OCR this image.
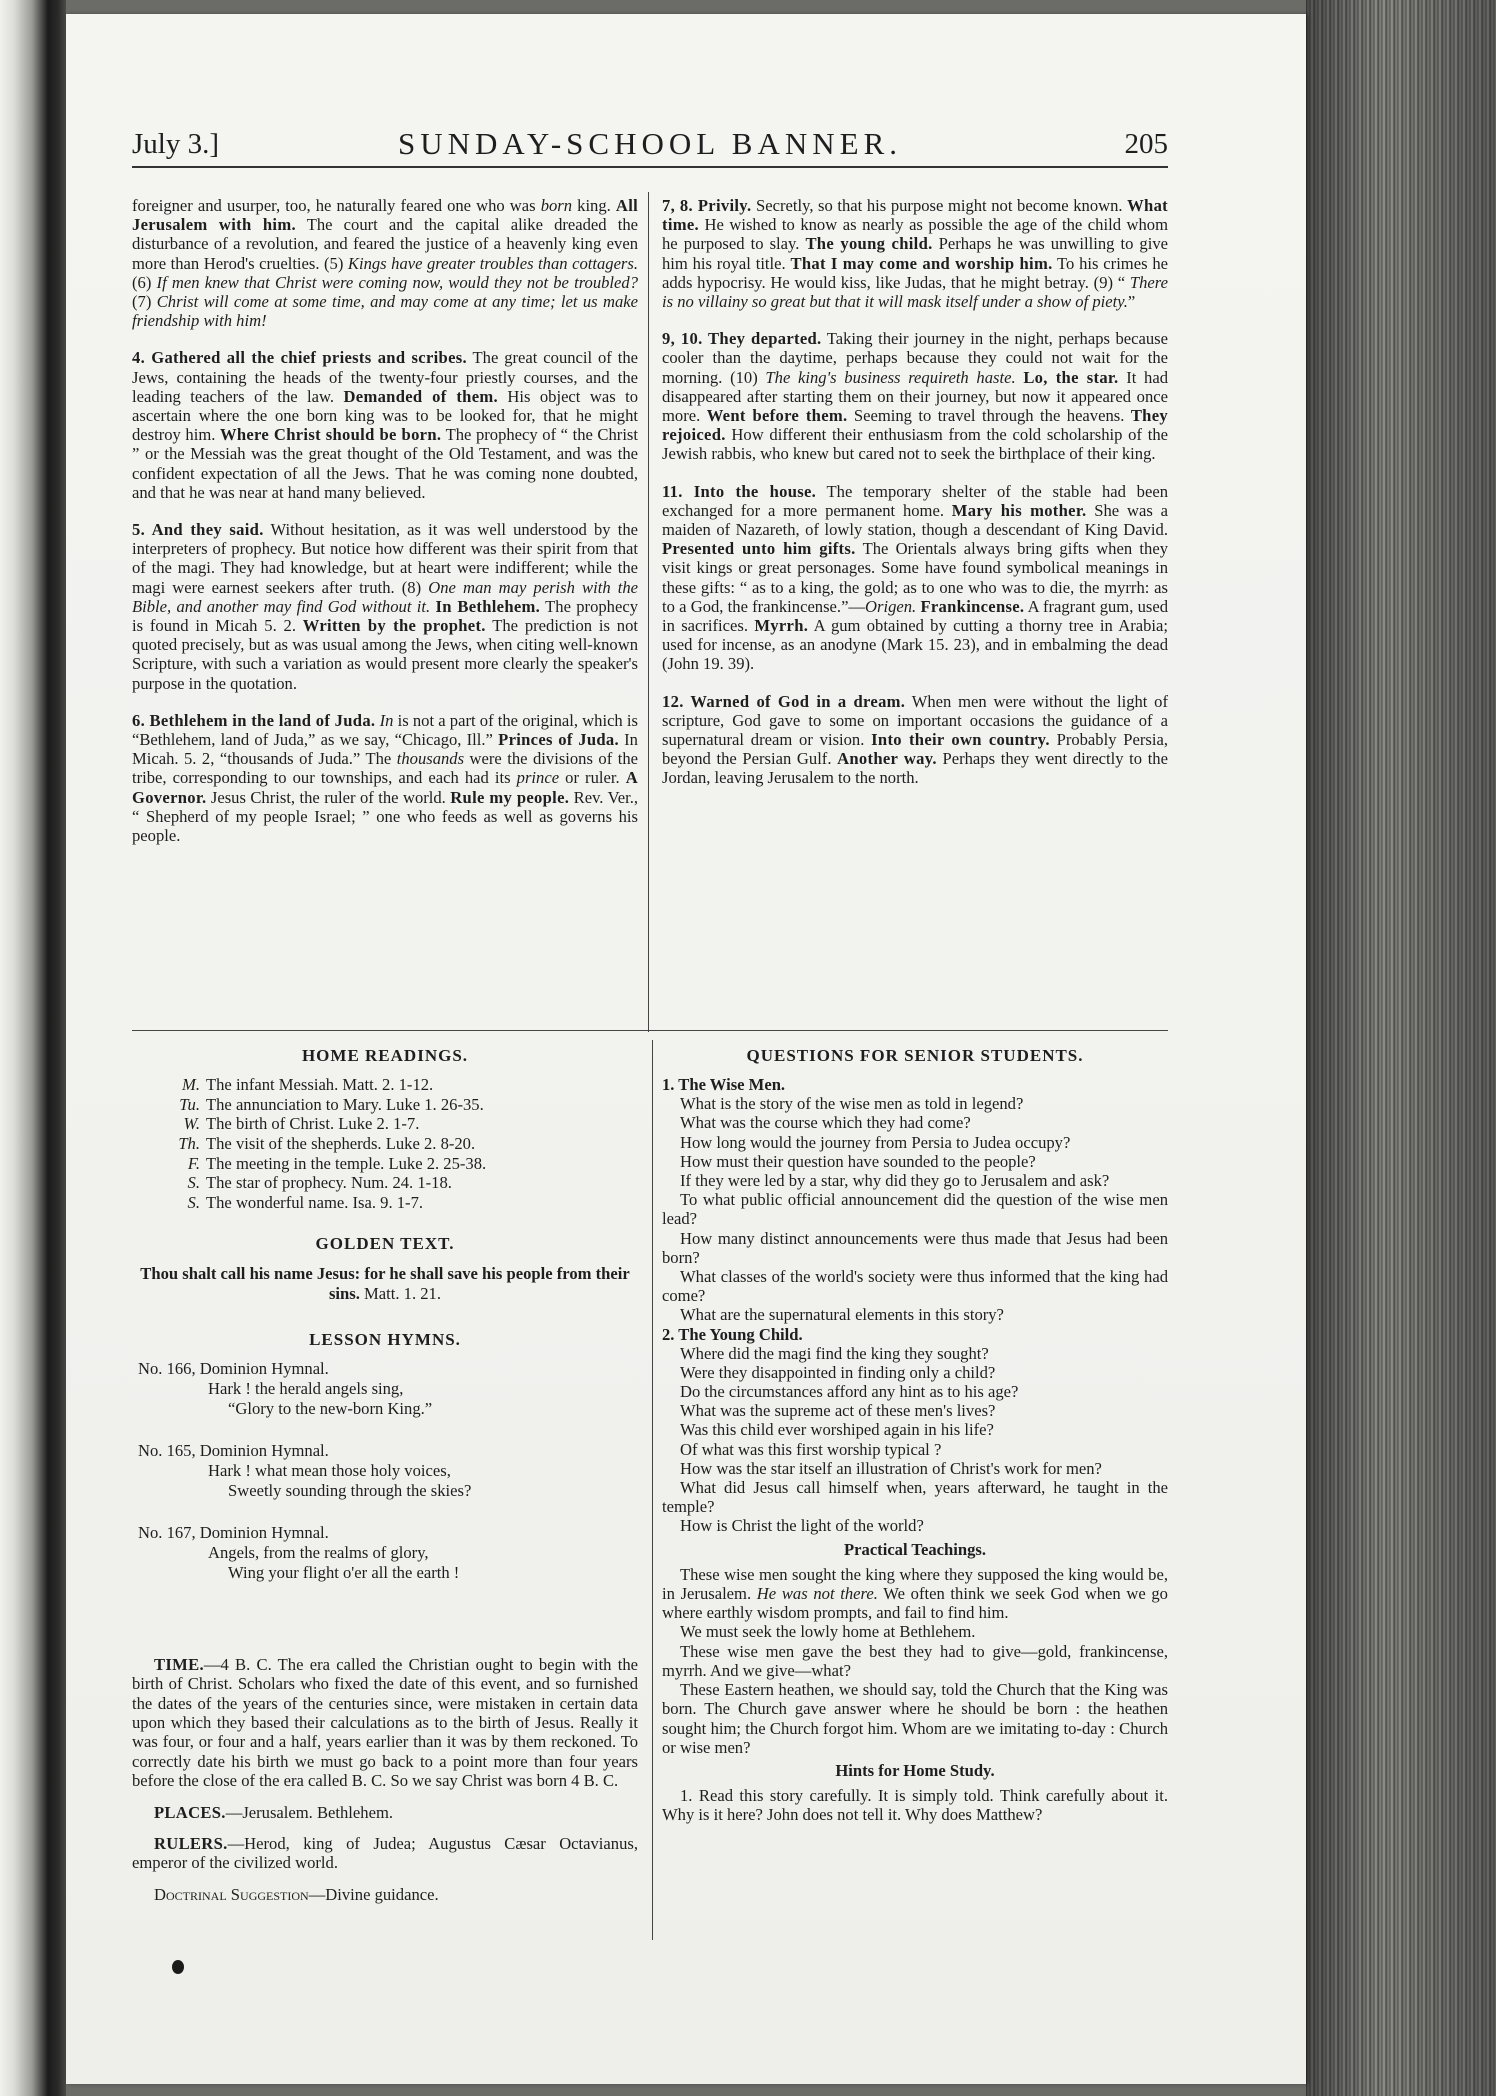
July 3.]	SUNDAY-SCHOOL BANNER.	205

foreigner and usurper, too, he naturally feared one who was born king. All Jerusalem with him. The court and the capital alike dreaded the disturbance of a revolution, and feared the justice of a heavenly king even more than Herod's cruelties. (5) Kings have greater troubles than cottagers. (6) If men knew that Christ were coming now, would they not be troubled? (7) Christ will come at some time, and may come at any time; let us make friendship with him!

4. Gathered all the chief priests and scribes. The great council of the Jews, containing the heads of the twenty-four priestly courses, and the leading teachers of the law. Demanded of them. His object was to ascertain where the one born king was to be looked for, that he might destroy him. Where Christ should be born. The prophecy of “ the Christ ” or the Messiah was the great thought of the Old Testament, and was the confident expectation of all the Jews. That he was coming none doubted, and that he was near at hand many believed.

5. And they said. Without hesitation, as it was well understood by the interpreters of prophecy. But notice how different was their spirit from that of the magi. They had knowledge, but at heart were indifferent; while the magi were earnest seekers after truth. (8) One man may perish with the Bible, and another may find God without it. In Bethlehem. The prophecy is found in Micah 5. 2. Written by the prophet. The prediction is not quoted precisely, but as was usual among the Jews, when citing well-known Scripture, with such a variation as would present more clearly the speaker's purpose in the quotation.

6. Bethlehem in the land of Juda. In is not a part of the original, which is “Bethlehem, land of Juda,” as we say, “Chicago, Ill.” Princes of Juda. In Micah. 5. 2, “thousands of Juda.” The thousands were the divisions of the tribe, corresponding to our townships, and each had its prince or ruler. A Governor. Jesus Christ, the ruler of the world. Rule my people. Rev. Ver., “ Shepherd of my people Israel; ” one who feeds as well as governs his people.

7, 8. Privily. Secretly, so that his purpose might not become known. What time. He wished to know as nearly as possible the age of the child whom he purposed to slay. The young child. Perhaps he was unwilling to give him his royal title. That I may come and worship him. To his crimes he adds hypocrisy. He would kiss, like Judas, that he might betray. (9) “ There is no villainy so great but that it will mask itself under a show of piety.”

9, 10. They departed. Taking their journey in the night, perhaps because cooler than the daytime, perhaps because they could not wait for the morning. (10) The king's business requireth haste. Lo, the star. It had disappeared after starting them on their journey, but now it appeared once more. Went before them. Seeming to travel through the heavens. They rejoiced. How different their enthusiasm from the cold scholarship of the Jewish rabbis, who knew but cared not to seek the birthplace of their king.

11. Into the house. The temporary shelter of the stable had been exchanged for a more permanent home. Mary his mother. She was a maiden of Nazareth, of lowly station, though a descendant of King David. Presented unto him gifts. The Orientals always bring gifts when they visit kings or great personages. Some have found symbolical meanings in these gifts: “ as to a king, the gold; as to one who was to die, the myrrh: as to a God, the frankincense.”—Origen. Frankincense. A fragrant gum, used in sacrifices. Myrrh. A gum obtained by cutting a thorny tree in Arabia; used for incense, as an anodyne (Mark 15. 23), and in embalming the dead (John 19. 39).

12. Warned of God in a dream. When men were without the light of scripture, God gave to some on important occasions the guidance of a supernatural dream or vision. Into their own country. Probably Persia, beyond the Persian Gulf. Another way. Perhaps they went directly to the Jordan, leaving Jerusalem to the north.

HOME READINGS.
M. The infant Messiah. Matt. 2. 1-12.
Tu. The annunciation to Mary. Luke 1. 26-35.
W. The birth of Christ. Luke 2. 1-7.
Th. The visit of the shepherds. Luke 2. 8-20.
F. The meeting in the temple. Luke 2. 25-38.
S. The star of prophecy. Num. 24. 1-18.
S. The wonderful name. Isa. 9. 1-7.
GOLDEN TEXT.
Thou shalt call his name Jesus: for he shall save his people from their sins. Matt. 1. 21.
LESSON HYMNS.
No. 166, Dominion Hymnal.
Hark ! the herald angels sing,
“Glory to the new-born King.”
No. 165, Dominion Hymnal.
Hark ! what mean those holy voices,
Sweetly sounding through the skies?
No. 167, Dominion Hymnal.
Angels, from the realms of glory,
Wing your flight o'er all the earth !
TIME.—4 B. C. The era called the Christian ought to begin with the birth of Christ. Scholars who fixed the date of this event, and so furnished the dates of the years of the centuries since, were mistaken in certain data upon which they based their calculations as to the birth of Jesus. Really it was four, or four and a half, years earlier than it was by them reckoned. To correctly date his birth we must go back to a point more than four years before the close of the era called B. C. So we say Christ was born 4 B. C.
PLACES.—Jerusalem. Bethlehem.
RULERS.—Herod, king of Judea; Augustus Cæsar Octavianus, emperor of the civilized world.
Doctrinal Suggestion—Divine guidance.
QUESTIONS FOR SENIOR STUDENTS.
1. The Wise Men.
What is the story of the wise men as told in legend?
What was the course which they had come?
How long would the journey from Persia to Judea occupy?
How must their question have sounded to the people?
If they were led by a star, why did they go to Jerusalem and ask?
To what public official announcement did the question of the wise men lead?
How many distinct announcements were thus made that Jesus had been born?
What classes of the world's society were thus informed that the king had come?
What are the supernatural elements in this story?
2. The Young Child.
Where did the magi find the king they sought?
Were they disappointed in finding only a child?
Do the circumstances afford any hint as to his age?
What was the supreme act of these men's lives?
Was this child ever worshiped again in his life?
Of what was this first worship typical ?
How was the star itself an illustration of Christ's work for men?
What did Jesus call himself when, years afterward, he taught in the temple?
How is Christ the light of the world?
Practical Teachings.
These wise men sought the king where they supposed the king would be, in Jerusalem. He was not there. We often think we seek God when we go where earthly wisdom prompts, and fail to find him.
We must seek the lowly home at Bethlehem.
These wise men gave the best they had to give—gold, frankincense, myrrh. And we give—what?
These Eastern heathen, we should say, told the Church that the King was born. The Church gave answer where he should be born : the heathen sought him; the Church forgot him. Whom are we imitating to-day : Church or wise men?
Hints for Home Study.
1. Read this story carefully. It is simply told. Think carefully about it. Why is it here? John does not tell it. Why does Matthew?
